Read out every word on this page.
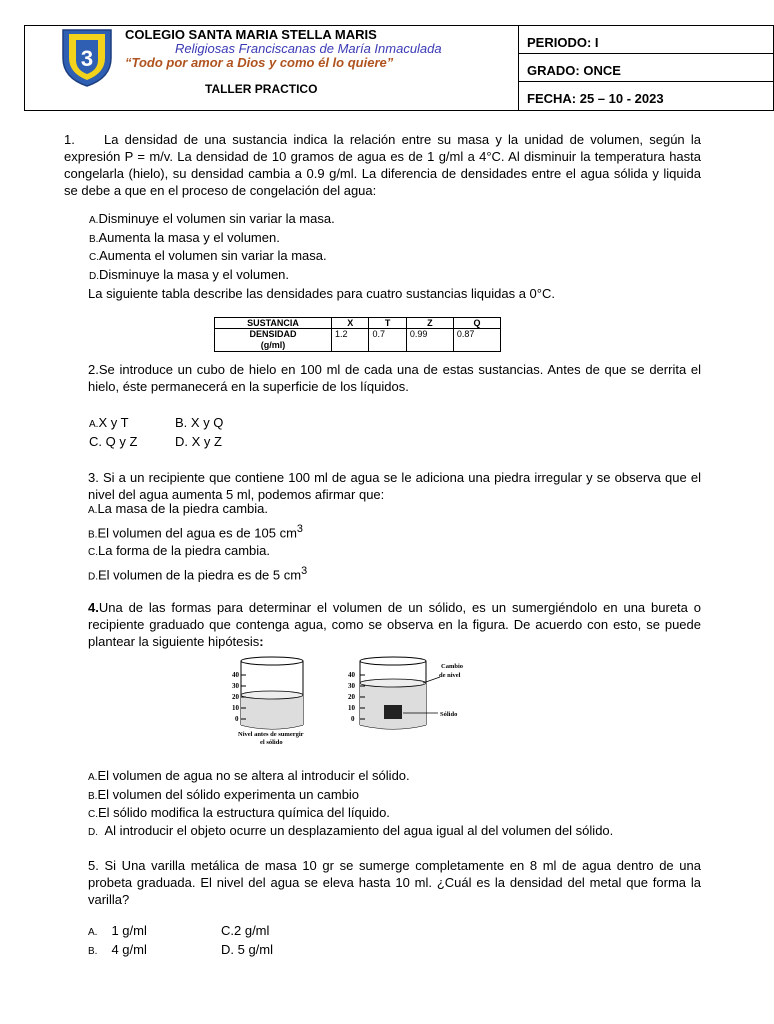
3
COLEGIO SANTA MARIA STELLA MARIS
Religiosas Franciscanas de María Inmaculada
“Todo por amor a Dios y como él lo quiere”
TALLER PRACTICO
PERIODO: I
GRADO: ONCE
FECHA: 25 – 10 - 2023

1. La densidad de una sustancia indica la relación entre su masa y la unidad de volumen, según la expresión P = m/v. La densidad de 10 gramos de agua es de 1 g/ml a 4°C. Al disminuir la temperatura hasta congelarla (hielo), su densidad cambia a 0.9 g/ml. La diferencia de densidades entre el agua sólida y liquida se debe a que en el proceso de congelación del agua:

A.Disminuye el volumen sin variar la masa.
B.Aumenta la masa y el volumen.
C.Aumenta el volumen sin variar la masa.
D.Disminuye la masa y el volumen.
La siguiente tabla describe las densidades para cuatro sustancias liquidas a 0°C.
SUSTANCIA	X	T	Z	Q
DENSIDAD
(g/ml)	1.2	0.7	0.99	0.87

2.Se introduce un cubo de hielo en 100 ml de cada una de estas sustancias. Antes de que se derrita el hielo, éste permanecerá en la superficie de los líquidos.

A.X y T	B. X y Q
C. Q y Z	D. X y Z

3. Si a un recipiente que contiene 100 ml de agua se le adiciona una piedra irregular y se observa que el nivel del agua aumenta 5 ml, podemos afirmar que:

A.La masa de la piedra cambia.
B.El volumen del agua es de 105 $cm^3$
C.La forma de la piedra cambia.
D.El volumen de la piedra es de 5 $cm^3$

4.Una de las formas para determinar el volumen de un sólido, es un sumergiéndolo en una bureta o recipiente graduado que contenga agua, como se observa en la figura. De acuerdo con esto, se puede plantear la siguiente hipótesis:

40
30
20
10
0
Nivel antes de sumergir
el sólido
40
30
20
10
0
Cambio
de nivel
Sólido
A.El volumen de agua no se altera al introducir el sólido.
B.El volumen del sólido experimenta un cambio
C.El sólido modifica la estructura química del líquido.
D.  Al introducir el objeto ocurre un desplazamiento del agua igual al del volumen del sólido.

5. Si Una varilla metálica de masa 10 gr se sumerge completamente en 8 ml de agua dentro de una probeta graduada. El nivel del agua se eleva hasta 10 ml. ¿Cuál es la densidad del metal que forma la varilla?

A. 1 g/ml	C.2 g/ml
B. 4 g/ml	D. 5 g/ml
